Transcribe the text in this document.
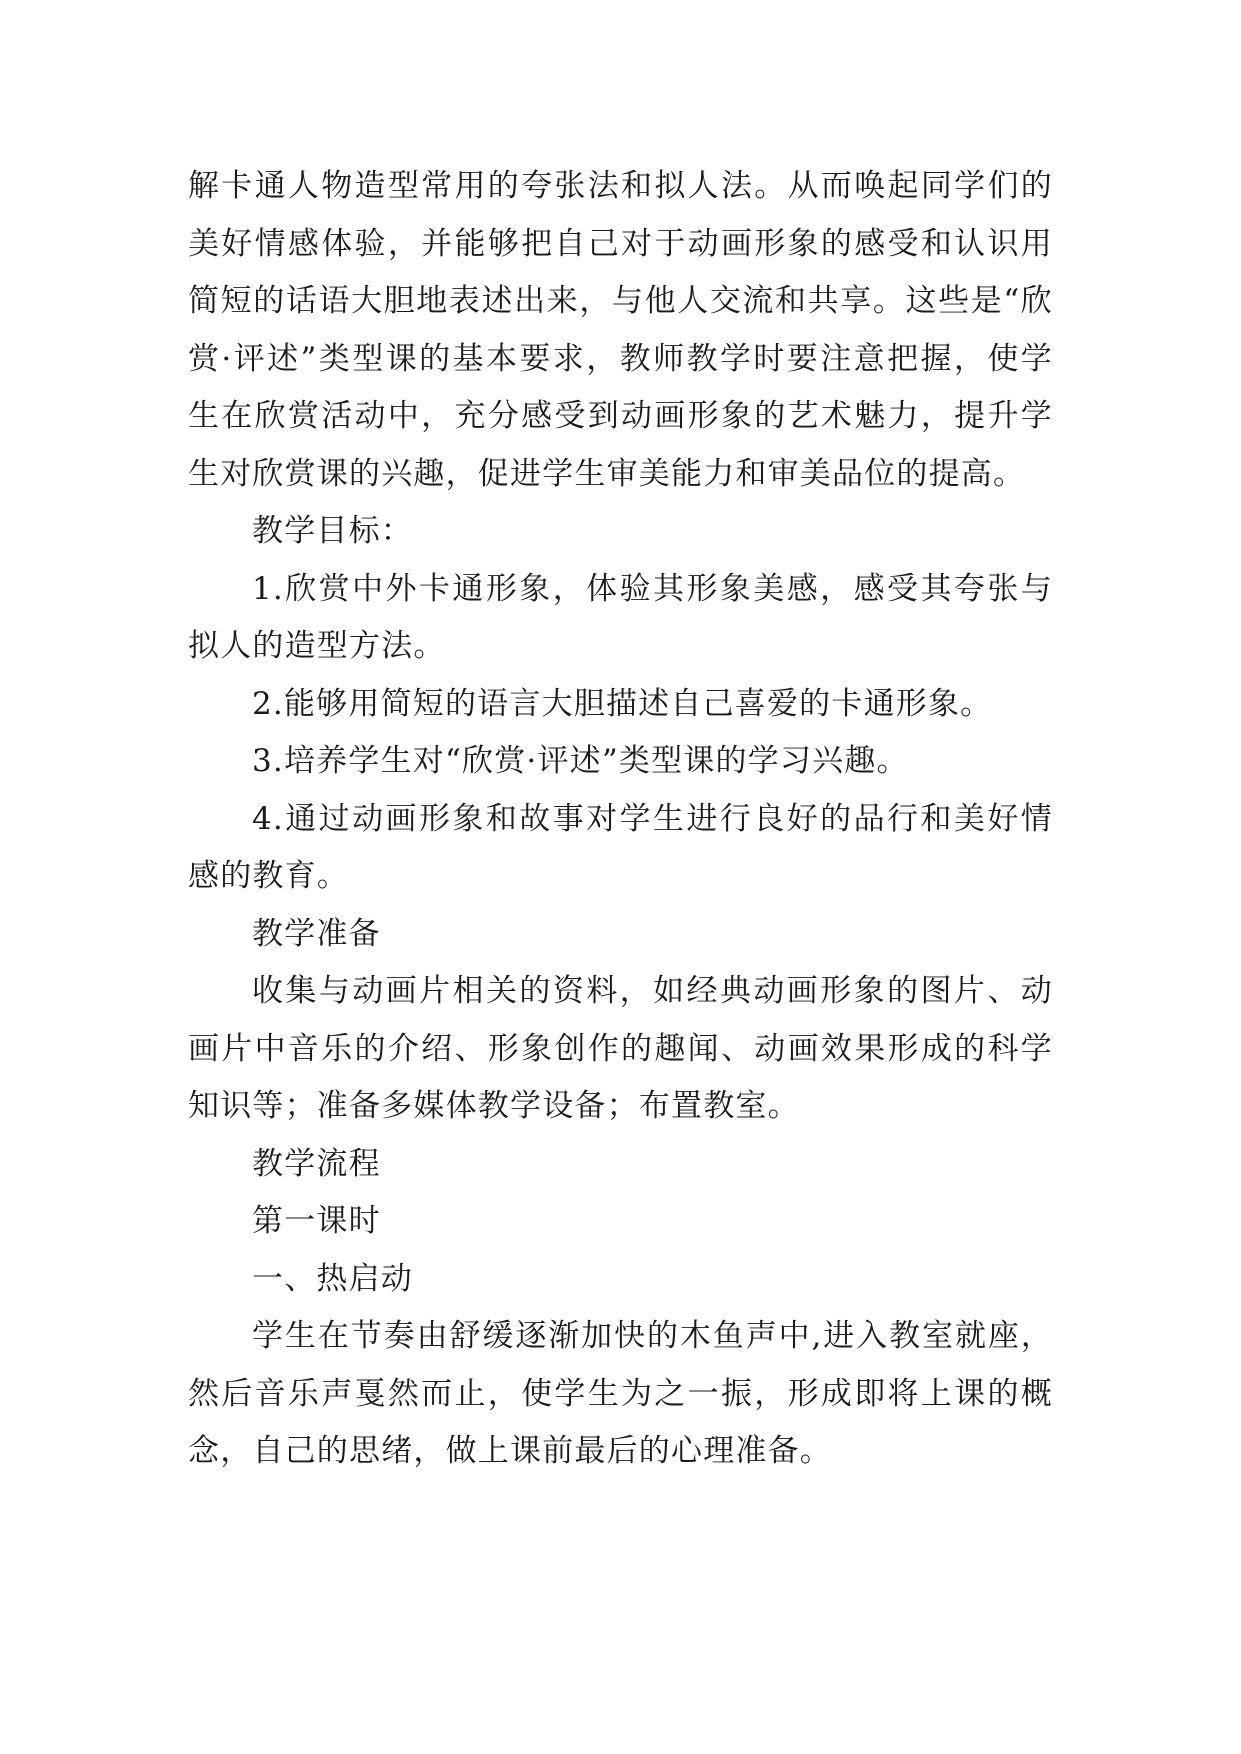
解卡通人物造型常用的夸张法和拟人法。从而唤起同学们的美好情感体验，并能够把自己对于动画形象的感受和认识用简短的话语大胆地表述出来，与他人交流和共享。这些是“欣赏·评述”类型课的基本要求，教师教学时要注意把握，使学生在欣赏活动中，充分感受到动画形象的艺术魅力，提升学生对欣赏课的兴趣，促进学生审美能力和审美品位的提高。

教学目标：

1.欣赏中外卡通形象，体验其形象美感，感受其夸张与拟人的造型方法。

2.能够用简短的语言大胆描述自己喜爱的卡通形象。

3.培养学生对“欣赏·评述”类型课的学习兴趣。

4.通过动画形象和故事对学生进行良好的品行和美好情感的教育。

教学准备

收集与动画片相关的资料，如经典动画形象的图片、动画片中音乐的介绍、形象创作的趣闻、动画效果形成的科学知识等；准备多媒体教学设备；布置教室。

教学流程

第一课时

一、热启动

学生在节奏由舒缓逐渐加快的木鱼声中,进入教室就座，然后音乐声戛然而止，使学生为之一振，形成即将上课的概念，自己的思绪，做上课前最后的心理准备。
